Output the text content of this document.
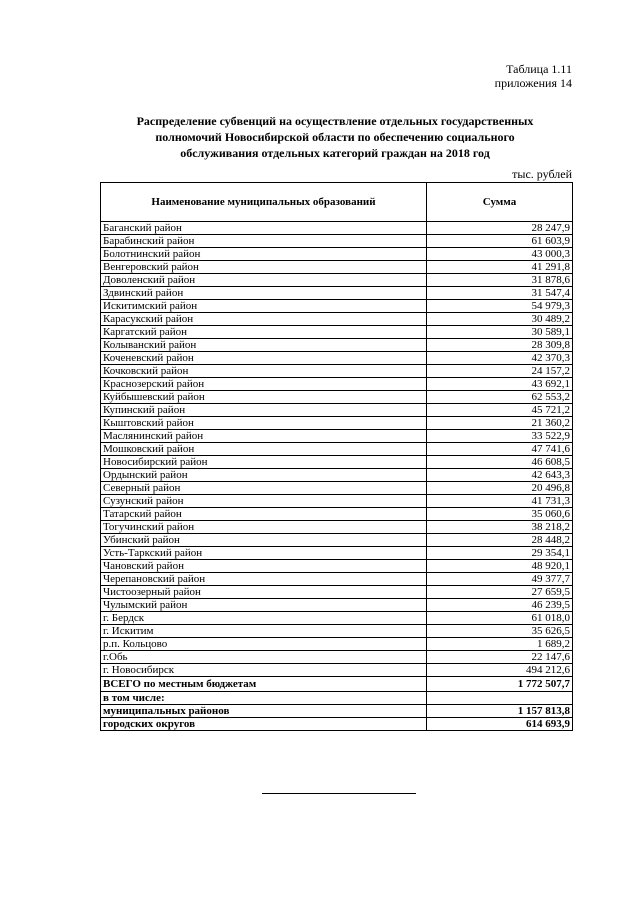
Таблица 1.11
приложения 14
Распределение субвенций на осуществление отдельных государственных
полномочий Новосибирской области по обеспечению социального
обслуживания отдельных категорий граждан на 2018 год
тыс. рублей
Наименование муниципальных образований	Сумма
Баганский район	28 247,9
Барабинский район	61 603,9
Болотнинский район	43 000,3
Венгеровский район	41 291,8
Доволенский район	31 878,6
Здвинский район	31 547,4
Искитимский район	54 979,3
Карасукский район	30 489,2
Каргатский район	30 589,1
Колыванский район	28 309,8
Коченевский район	42 370,3
Кочковский район	24 157,2
Краснозерский район	43 692,1
Куйбышевский район	62 553,2
Купинский район	45 721,2
Кыштовский район	21 360,2
Маслянинский район	33 522,9
Мошковский район	47 741,6
Новосибирский район	46 608,5
Ордынский район	42 643,3
Северный район	20 496,8
Сузунский район	41 731,3
Татарский район	35 060,6
Тогучинский район	38 218,2
Убинский район	28 448,2
Усть-Таркский район	29 354,1
Чановский район	48 920,1
Черепановский район	49 377,7
Чистоозерный район	27 659,5
Чулымский район	46 239,5
г. Бердск	61 018,0
г. Искитим	35 626,5
р.п. Кольцово	1 689,2
г.Обь	22 147,6
г. Новосибирск	494 212,6
ВСЕГО по местным бюджетам	1 772 507,7
в том числе:	
муниципальных районов	1 157 813,8
городских округов	614 693,9
